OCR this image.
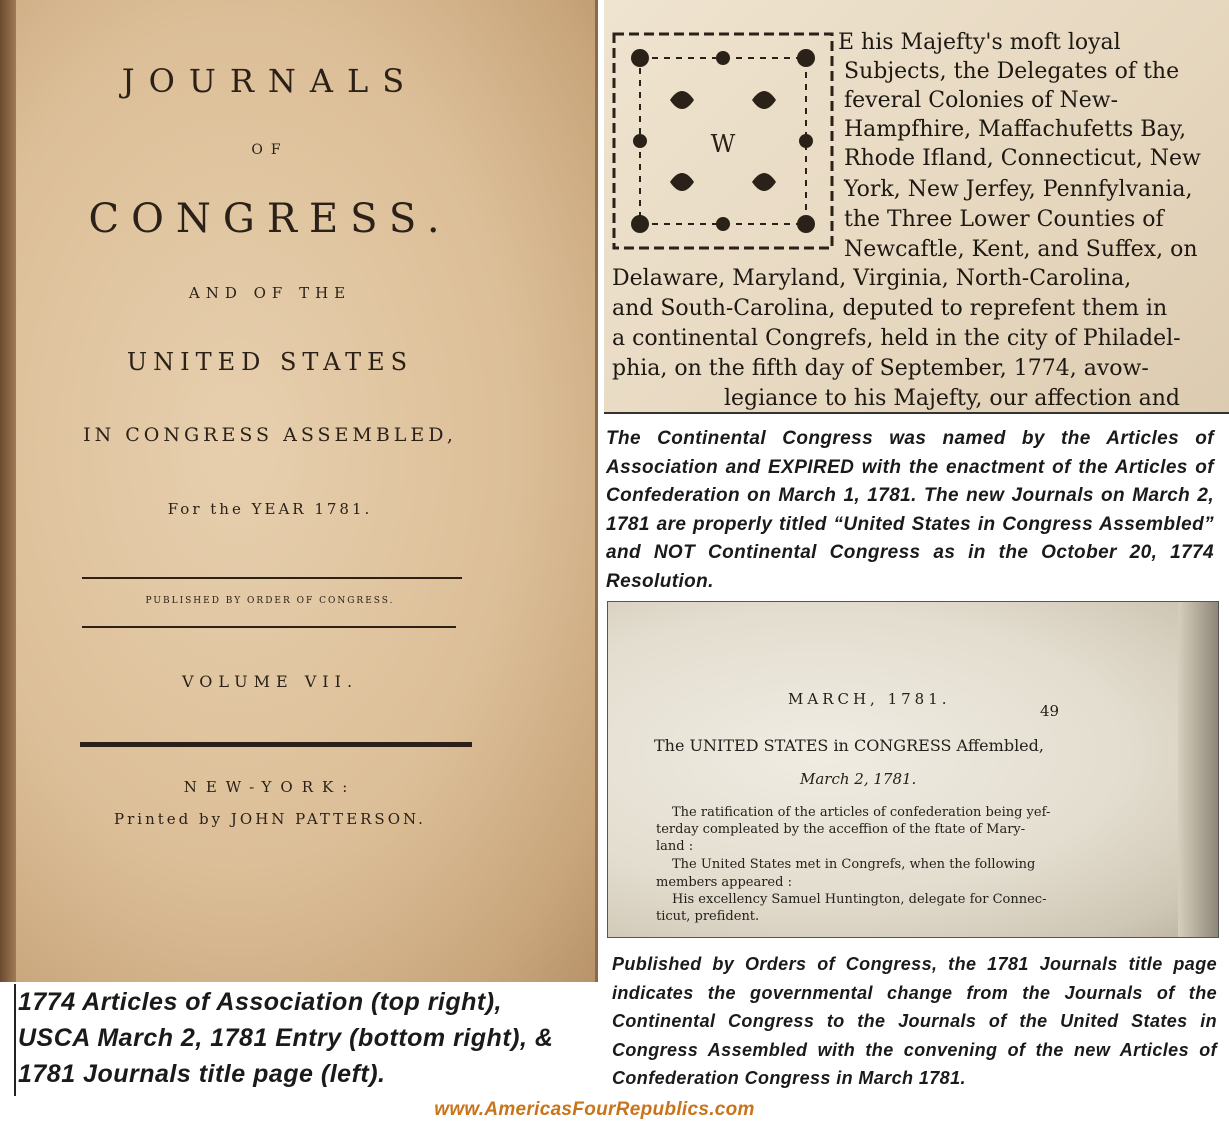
JOURNALS
OF
CONGRESS.
AND OF THE
UNITED STATES
IN CONGRESS ASSEMBLED,
For the YEAR 1781.
PUBLISHED BY ORDER OF CONGRESS.
VOLUME VII.
NEW-YORK:
Printed by JOHN PATTERSON.
W
E his Majefty's moft loyal
Subjects, the Delegates of the
feveral Colonies of New-
Hampfhire, Maffachufetts Bay,
Rhode Ifland, Connecticut, New
York, New Jerfey, Pennfylvania,
the Three Lower Counties of
Newcaftle, Kent, and Suffex, on
Delaware, Maryland, Virginia, North-Carolina,
and South-Carolina, deputed to reprefent them in
a continental Congrefs, held in the city of Philadel-
phia, on the fifth day of September, 1774, avow-
legiance to his Majefty, our affection and

The Continental Congress was named by the Articles of Association and EXPIRED with the enactment of the Articles of Confederation on March 1, 1781. The new Journals on March 2, 1781 are properly titled “United States in Congress Assembled” and NOT Continental Congress as in the October 20, 1774 Resolution.

MARCH, 1781.
49
The UNITED STATES in CONGRESS Affembled,
March 2, 1781.
The ratification of the articles of confederation being yef-
terday compleated by the acceffion of the ftate of Mary-
land :
The United States met in Congrefs, when the following
members appeared :
His excellency Samuel Huntington, delegate for Connec-
ticut, prefident.

1774 Articles of Association (top right), USCA March 2, 1781 Entry (bottom right), & 1781 Journals title page (left).

Published by Orders of Congress, the 1781 Journals title page indicates the governmental change from the Journals of the Continental Congress to the Journals of the United States in Congress Assembled with the convening of the new Articles of Confederation Congress in March 1781.

www.AmericasFourRepublics.com
